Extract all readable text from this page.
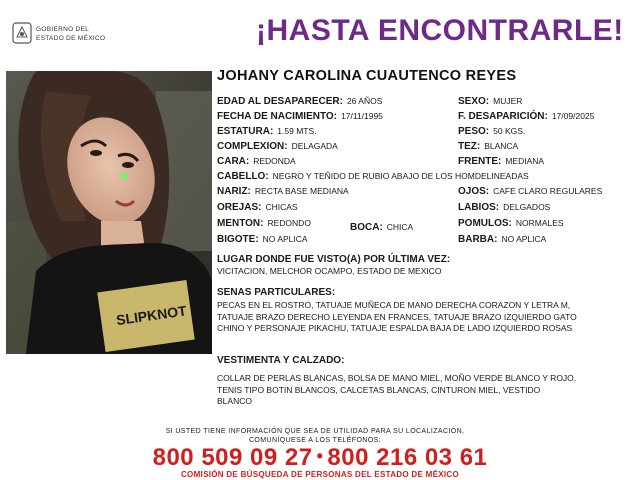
GOBIERNO DEL
ESTADO DE MÉXICO	¡HASTA ENCONTRARLE!
SLIPKNOT
JOHANY CAROLINA CUAUTENCO REYES
EDAD AL DESAPARECER: 26 AÑOS
FECHA DE NACIMIENTO: 17/11/1995
ESTATURA: 1.59 MTS.
COMPLEXION: DELAGADA
CARA: REDONDA
CABELLO: NEGRO Y TEÑIDO DE RUBIO ABAJO DE LOS HOMDELINEADAS
NARIZ: RECTA BASE MEDIANA
OREJAS: CHICAS
MENTON: REDONDO	BOCA: CHICA
BIGOTE: NO APLICA
SEXO: MUJER
F. DESAPARICIÓN: 17/09/2025
PESO: 50 KGS.
TEZ: BLANCA
FRENTE: MEDIANA
OJOS: CAFE CLARO REGULARES
LABIOS: DELGADOS
POMULOS: NORMALES
BARBA: NO APLICA
LUGAR DONDE FUE VISTO(A) POR ÚLTIMA VEZ:
VICITACION, MELCHOR OCAMPO, ESTADO DE MEXICO
SENAS PARTICULARES:
PECAS EN EL ROSTRO, TATUAJE MUÑECA DE MANO DERECHA CORAZON Y LETRA M,
TATUAJE BRAZO DERECHO LEYENDA EN FRANCES, TATUAJE BRAZO IZQUIERDO GATO
CHINO Y PERSONAJE PIKACHU, TATUAJE ESPALDA BAJA DE LADO IZQUIERDO ROSAS
VESTIMENTA Y CALZADO:
COLLAR DE PERLAS BLANCAS, BOLSA DE MANO MIEL, MOÑO VERDE BLANCO Y ROJO,
TENIS TIPO BOTIN BLANCOS, CALCETAS BLANCAS, CINTURON MIEL, VESTIDO
BLANCO
SI USTED TIENE INFORMACIÓN QUE SEA DE UTILIDAD PARA SU LOCALIZACIÓN,
COMUNÍQUESE A LOS TELÉFONOS:
800 509 09 27 • 800 216 03 61
COMISIÓN DE BÚSQUEDA DE PERSONAS DEL ESTADO DE MÉXICO
